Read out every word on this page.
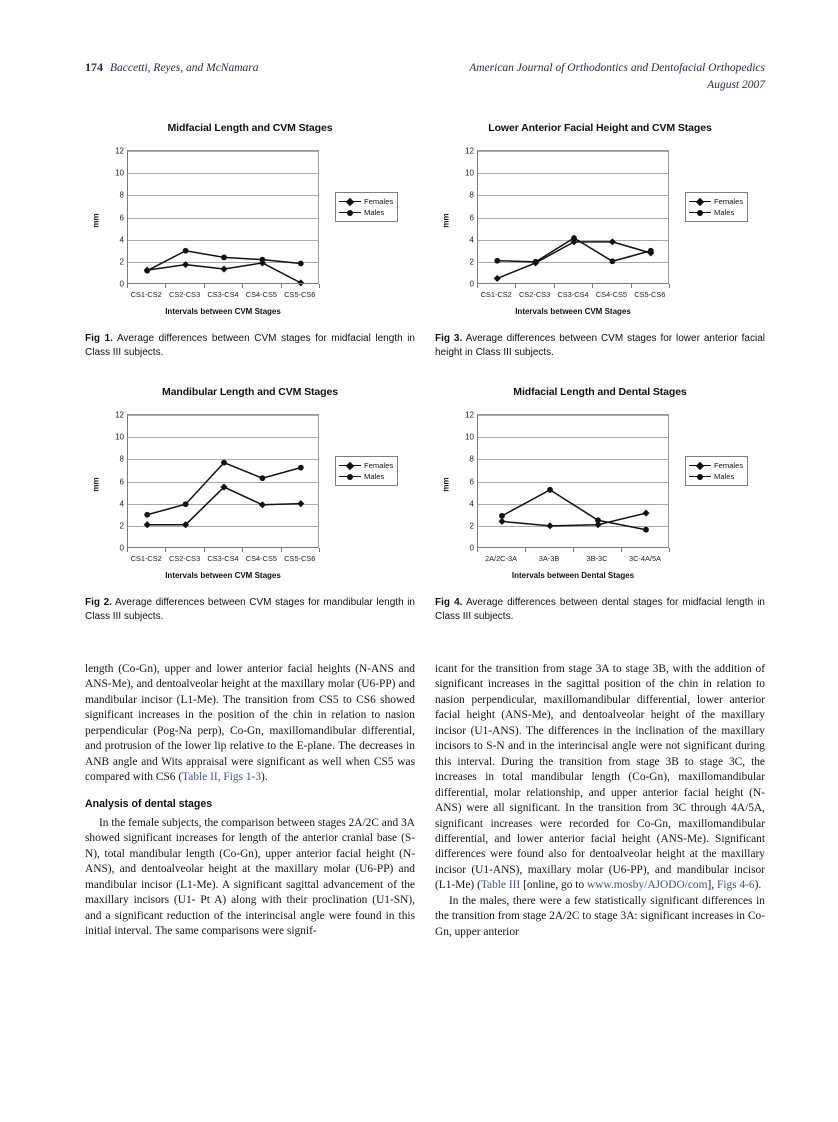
174 Baccetti, Reyes, and McNamara	American Journal of Orthodontics and Dentofacial Orthopedics
August 2007
Midfacial Length and CVM Stages
mm
0
2
4
6
8
10
12
Intervals between CVM Stages
Females
Males
CS1-CS2 CS2-CS3 CS3-CS4 CS4-CS5 CS5-CS6
Fig 1. Average differences between CVM stages for midfacial length in Class III subjects.
Lower Anterior Facial Height and CVM Stages
mm
0
2
4
6
8
10
12
Intervals between CVM Stages
Females
Males
CS1-CS2 CS2-CS3 CS3-CS4 CS4-CS5 CS5-CS6
Fig 3. Average differences between CVM stages for lower anterior facial height in Class III subjects.
Mandibular Length and CVM Stages
mm
0
2
4
6
8
10
12
Intervals between CVM Stages
Females
Males
CS1-CS2 CS2-CS3 CS3-CS4 CS4-CS5 CS5-CS6
Fig 2. Average differences between CVM stages for mandibular length in Class III subjects.
Midfacial Length and Dental Stages
mm
0
2
4
6
8
10
12
Intervals between Dental Stages
Females
Males
2A/2C-3A	3A-3B	3B-3C	3C-4A/5A
Fig 4. Average differences between dental stages for midfacial length in Class III subjects.

length (Co-Gn), upper and lower anterior facial heights (N-ANS and ANS-Me), and dentoalveolar height at the maxillary molar (U6-PP) and mandibular incisor (L1-Me). The transition from CS5 to CS6 showed significant increases in the position of the chin in relation to nasion perpendicular (Pog-Na perp), Co-Gn, maxillomandibular differential, and protrusion of the lower lip relative to the E-plane. The decreases in ANB angle and Wits appraisal were significant as well when CS5 was compared with CS6 (Table II, Figs 1-3).

Analysis of dental stages

In the female subjects, the comparison between stages 2A/2C and 3A showed significant increases for length of the anterior cranial base (S-N), total mandibular length (Co-Gn), upper anterior facial height (N-ANS), and dentoalveolar height at the maxillary molar (U6-PP) and mandibular incisor (L1-Me). A significant sagittal advancement of the maxillary incisors (U1- Pt A) along with their proclination (U1-SN), and a significant reduction of the interincisal angle were found in this initial interval. The same comparisons were signif-

icant for the transition from stage 3A to stage 3B, with the addition of significant increases in the sagittal position of the chin in relation to nasion perpendicular, maxillomandibular differential, lower anterior facial height (ANS-Me), and dentoalveolar height of the maxillary incisor (U1-ANS). The differences in the inclination of the maxillary incisors to S-N and in the interincisal angle were not significant during this interval. During the transition from stage 3B to stage 3C, the increases in total mandibular length (Co-Gn), maxillomandibular differential, molar relationship, and upper anterior facial height (N-ANS) were all significant. In the transition from 3C through 4A/5A, significant increases were recorded for Co-Gn, maxillomandibular differential, and lower anterior facial height (ANS-Me). Significant differences were found also for dentoalveolar height at the maxillary incisor (U1-ANS), maxillary molar (U6-PP), and mandibular incisor (L1-Me) (Table III [online, go to www.mosby/AJODO/com], Figs 4-6).

In the males, there were a few statistically significant differences in the transition from stage 2A/2C to stage 3A: significant increases in Co-Gn, upper anterior
